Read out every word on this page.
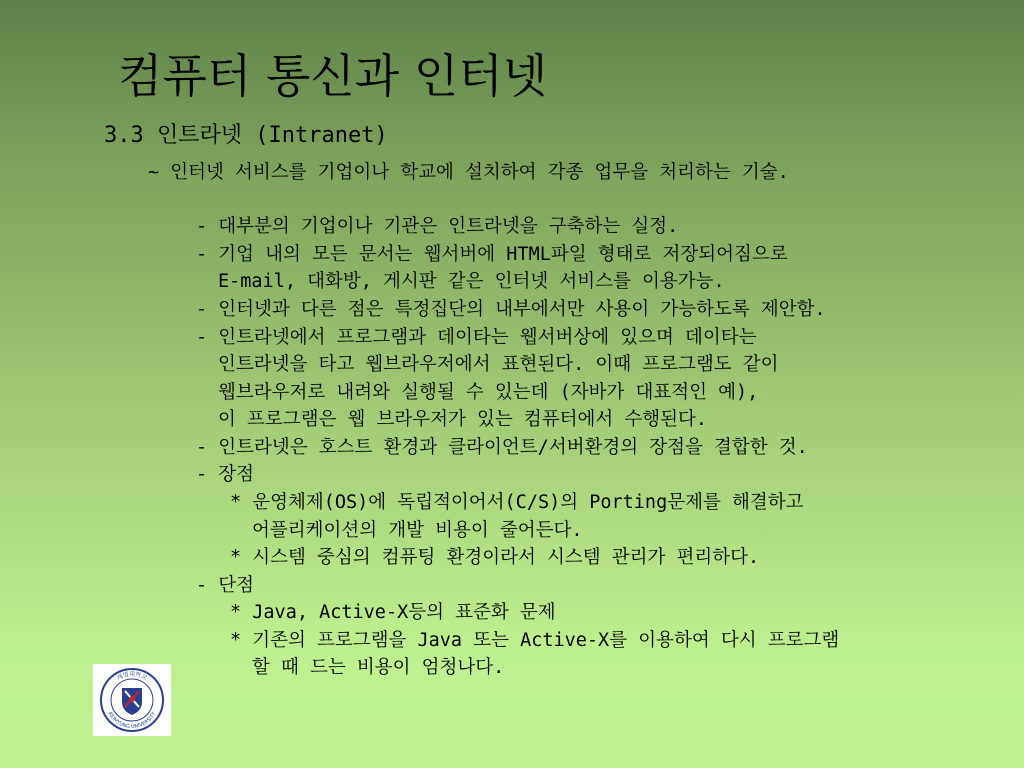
컴퓨터 통신과 인터넷
3.3 인트라넷 (Intranet)
~ 인터넷 서비스를 기업이나 학교에 설치하여 각종 업무을 처리하는 기술.
- 대부분의 기업이나 기관은 인트라넷을 구축하는 실정.
- 기업 내의 모든 문서는 웹서버에 HTML파일 형태로 저장되어짐으로
E-mail, 대화방, 게시판 같은 인터넷 서비스를 이용가능.
- 인터넷과 다른 점은 특정집단의 내부에서만 사용이 가능하도록 제안함.
- 인트라넷에서 프로그램과 데이타는 웹서버상에 있으며 데이타는
인트라넷을 타고 웹브라우저에서 표현된다. 이때 프로그램도 같이
웹브라우저로 내려와 실행될 수 있는데 (자바가 대표적인 예),
이 프로그램은 웹 브라우저가 있는 컴퓨터에서 수행된다.
- 인트라넷은 호스트 환경과 클라이언트/서버환경의 장점을 결합한 것.
- 장점
* 운영체제(OS)에 독립적이어서(C/S)의 Porting문제를 해결하고
어플리케이션의 개발 비용이 줄어든다.
* 시스템 중심의 컴퓨팅 환경이라서 시스템 관리가 편리하다.
- 단점
* Java, Active-X등의 표준화 문제
* 기존의 프로그램을 Java 또는 Active-X를 이용하여 다시 프로그램
할 때 드는 비용이 엄청나다.
계명대학교
KEIMYUNG UNIVERSITY
